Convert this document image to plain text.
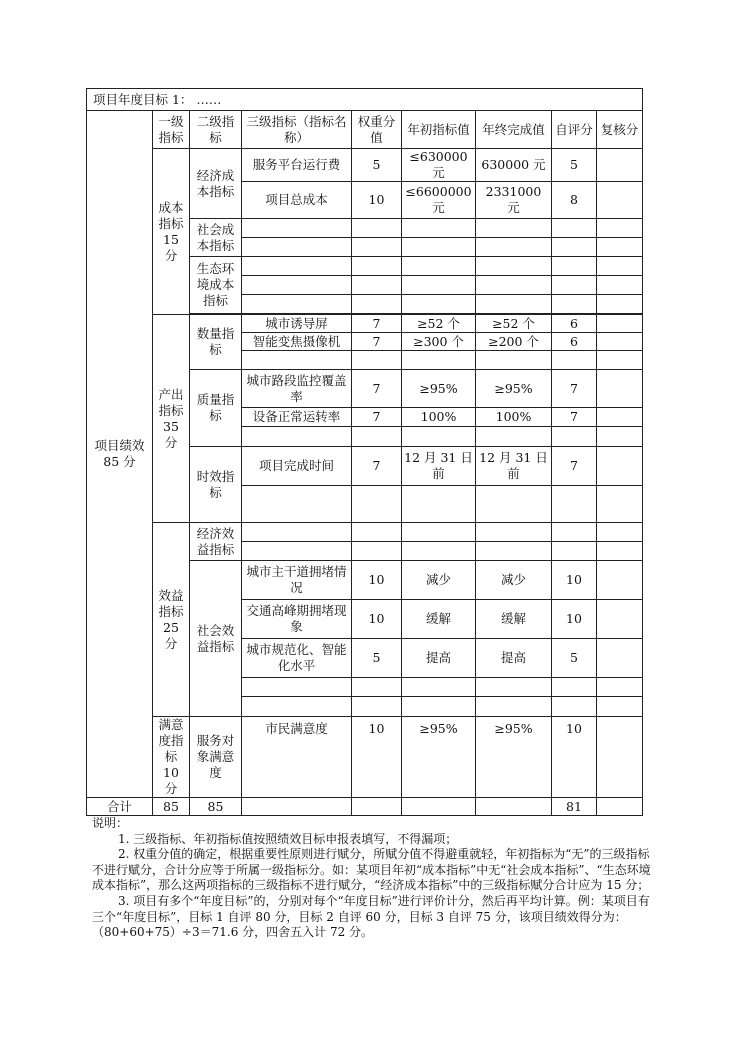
项目年度目标 1： ……								
项目绩效 85 分	一级指标	二级指标	三级指标（指标名称）	权重分值	年初指标值	年终完成值	自评分	复核分
	成本指标 15 分	经济成本指标	服务平台运行费	5	≤630000 元	630000 元	5	
			项目总成本	10	≤6600000 元	2331000 元	8	
		社会成本指标						

		生态环境成本指标						

	产出指标 35 分	数量指标	城市诱导屏	7	≥52 个	≥52 个	6	
			智能变焦摄像机	7	≥300 个	≥200 个	6	

		质量指标	城市路段监控覆盖率	7	≥95%	≥95%	7	
			设备正常运转率	7	100%	100%	7	

		时效指标	项目完成时间	7	12 月 31 日前	12 月 31 日前	7	

	效益指标 25 分	经济效益指标						

		社会效益指标	城市主干道拥堵情况	10	减少	减少	10	
			交通高峰期拥堵现象	10	缓解	缓解	10	
			城市规范化、智能化水平	5	提高	提高	5	

	满意度指标 10 分	服务对象满意度	市民满意度	10	≥95%	≥95%	10	
合计	85	85					81	

说明：

1. 三级指标、年初指标值按照绩效目标申报表填写，不得漏项；

2. 权重分值的确定，根据重要性原则进行赋分，所赋分值不得避重就轻，年初指标为“无”的三级指标不进行赋分，合计分应等于所属一级指标分。如：某项目年初“成本指标”中无“社会成本指标”、“生态环境成本指标”，那么这两项指标的三级指标不进行赋分，“经济成本指标”中的三级指标赋分合计应为 15 分；

3. 项目有多个“年度目标”的，分别对每个“年度目标”进行评价计分，然后再平均计算。例：某项目有三个“年度目标”，目标 1 自评 80 分，目标 2 自评 60 分，目标 3 自评 75 分，该项目绩效得分为：（80+60+75）÷3＝71.6 分，四舍五入计 72 分。
